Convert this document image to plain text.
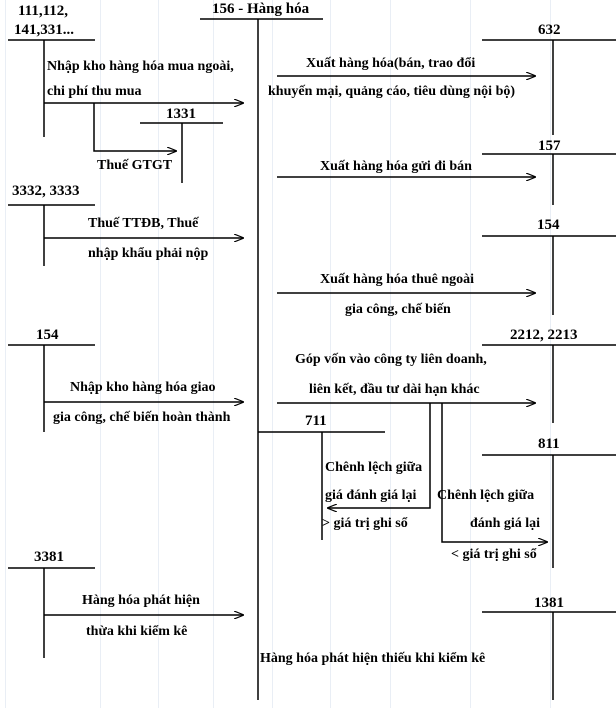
156 - Hàng hóa
111,112,
141,331...
1331
3332, 3333
154
3381
632
157
154
2212, 2213
711
811
1381
Nhập kho hàng hóa mua ngoài,
chi phí thu mua
Thuế GTGT
Thuế TTĐB, Thuế
nhập khẩu phải nộp
Nhập kho hàng hóa giao
gia công, chế biến hoàn thành
Hàng hóa phát hiện
thừa khi kiểm kê
Xuất hàng hóa(bán, trao đổi
khuyến mại, quảng cáo, tiêu dùng nội bộ)
Xuất hàng hóa gửi đi bán
Xuất hàng hóa thuê ngoài
gia công, chế biến
Góp vốn vào công ty liên doanh,
liên kết, đầu tư dài hạn khác
Chênh lệch giữa
giá đánh giá lại
> giá trị ghi sổ
Chênh lệch giữa
đánh giá lại
< giá trị ghi sổ
Hàng hóa phát hiện thiếu khi kiểm kê
